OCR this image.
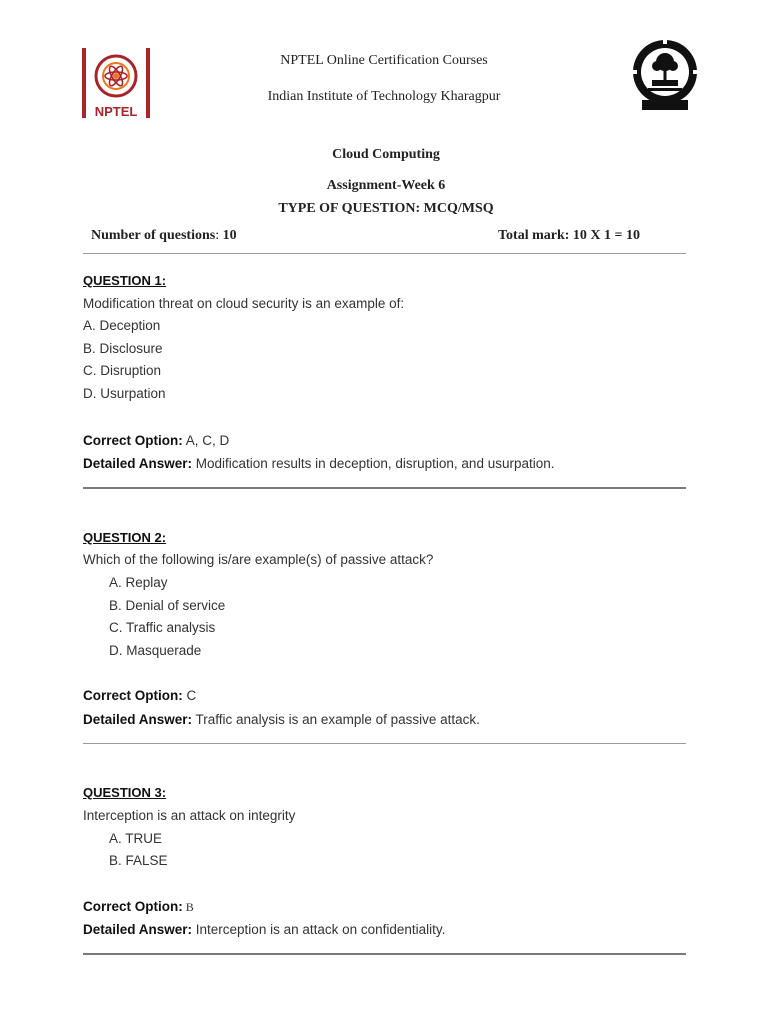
NPTEL
NPTEL Online Certification Courses
Indian Institute of Technology Kharagpur
Cloud Computing
Assignment-Week 6
TYPE OF QUESTION: MCQ/MSQ
Number of questions: 10	Total mark: 10 X 1 = 10
QUESTION 1:
Modification threat on cloud security is an example of:
A. Deception
B. Disclosure
C. Disruption
D. Usurpation
Correct Option: A, C, D
Detailed Answer: Modification results in deception, disruption, and usurpation.
QUESTION 2:
Which of the following is/are example(s) of passive attack?
A. Replay
B. Denial of service
C. Traffic analysis
D. Masquerade
Correct Option: C
Detailed Answer: Traffic analysis is an example of passive attack.
QUESTION 3:
Interception is an attack on integrity
A. TRUE
B. FALSE
Correct Option: B
Detailed Answer: Interception is an attack on confidentiality.
